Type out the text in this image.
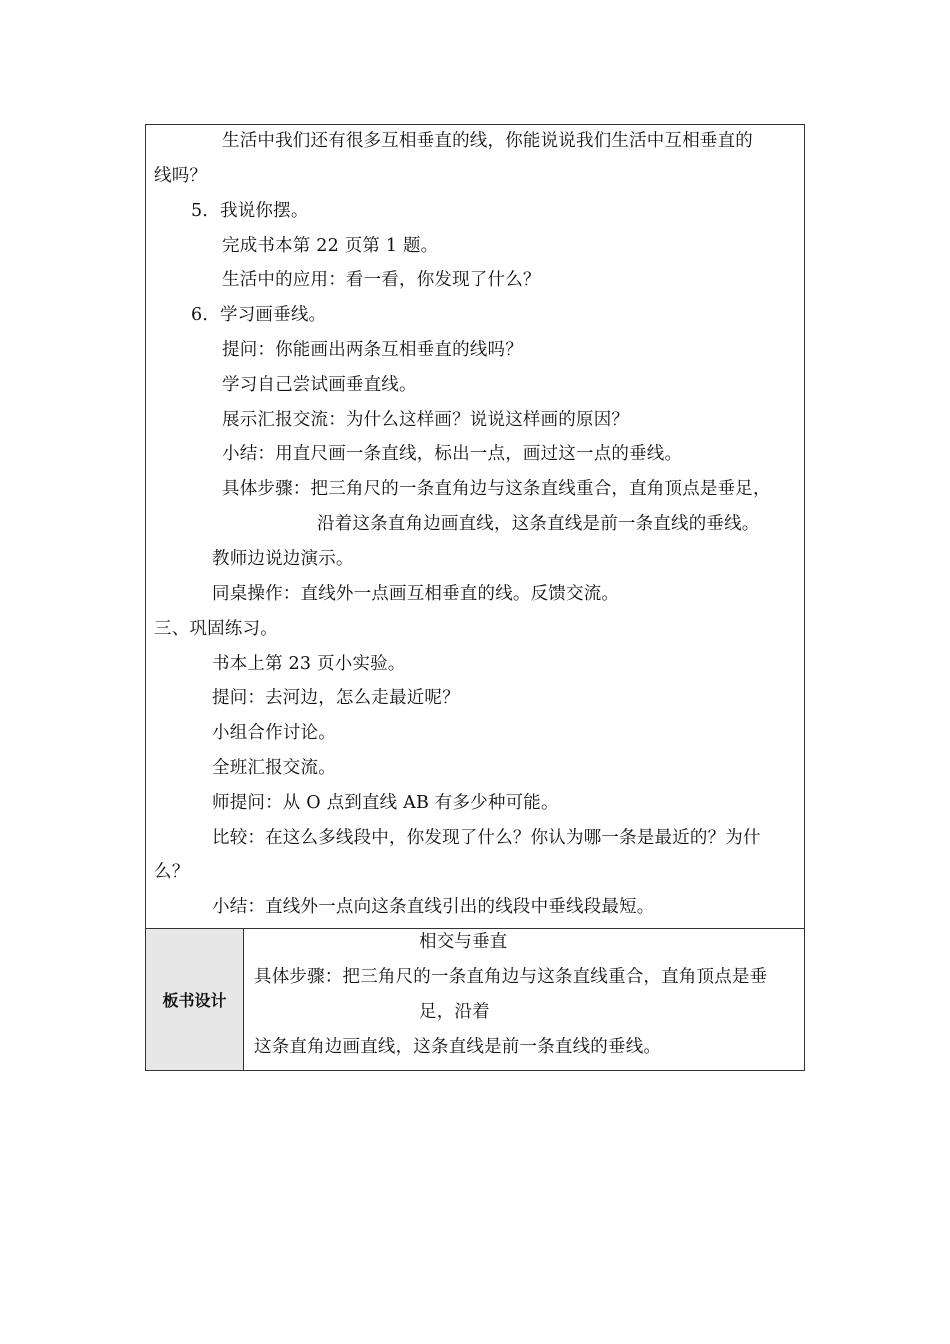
生活中我们还有很多互相垂直的线，你能说说我们生活中互相垂直的
线吗？
5．我说你摆。
完成书本第 22 页第 1 题。
生活中的应用：看一看，你发现了什么？
6．学习画垂线。
提问：你能画出两条互相垂直的线吗？
学习自己尝试画垂直线。
展示汇报交流：为什么这样画？说说这样画的原因？
小结：用直尺画一条直线，标出一点，画过这一点的垂线。
具体步骤：把三角尺的一条直角边与这条直线重合，直角顶点是垂足，
沿着这条直角边画直线，这条直线是前一条直线的垂线。
教师边说边演示。
同桌操作：直线外一点画互相垂直的线。反馈交流。
三、巩固练习。
书本上第 23 页小实验。
提问：去河边，怎么走最近呢？
小组合作讨论。
全班汇报交流。
师提问：从 O 点到直线 AB 有多少种可能。
比较：在这么多线段中，你发现了什么？你认为哪一条是最近的？为什
么？
小结：直线外一点向这条直线引出的线段中垂线段最短。
板书设计
相交与垂直
具体步骤：把三角尺的一条直角边与这条直线重合，直角顶点是垂
足，沿着
这条直角边画直线，这条直线是前一条直线的垂线。
